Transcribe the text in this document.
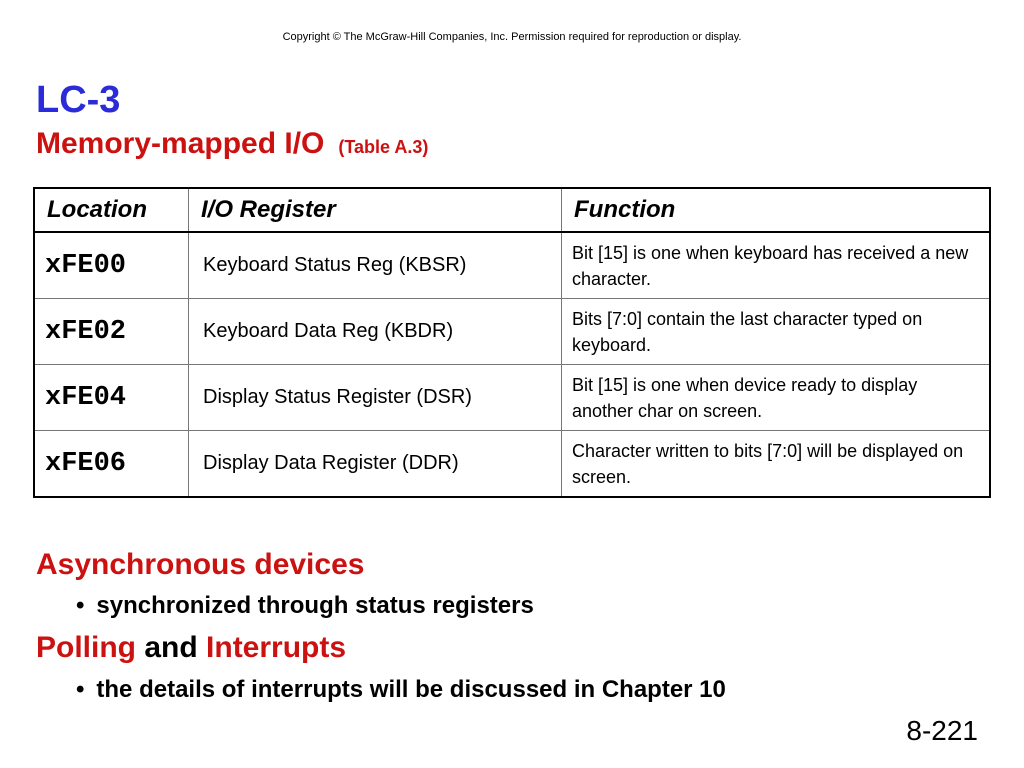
Copyright © The McGraw-Hill Companies, Inc. Permission required for reproduction or display.
LC-3
Memory-mapped I/O (Table A.3)
Location	I/O Register	Function
xFE00	Keyboard Status Reg (KBSR)	Bit [15] is one when keyboard has received a new character.
xFE02	Keyboard Data Reg (KBDR)	Bits [7:0] contain the last character typed on keyboard.
xFE04	Display Status Register (DSR)	Bit [15] is one when device ready to display another char on screen.
xFE06	Display Data Register (DDR)	Character written to bits [7:0] will be displayed on screen.
Asynchronous devices
• synchronized through status registers
Polling and Interrupts
• the details of interrupts will be discussed in Chapter 10
8-221
